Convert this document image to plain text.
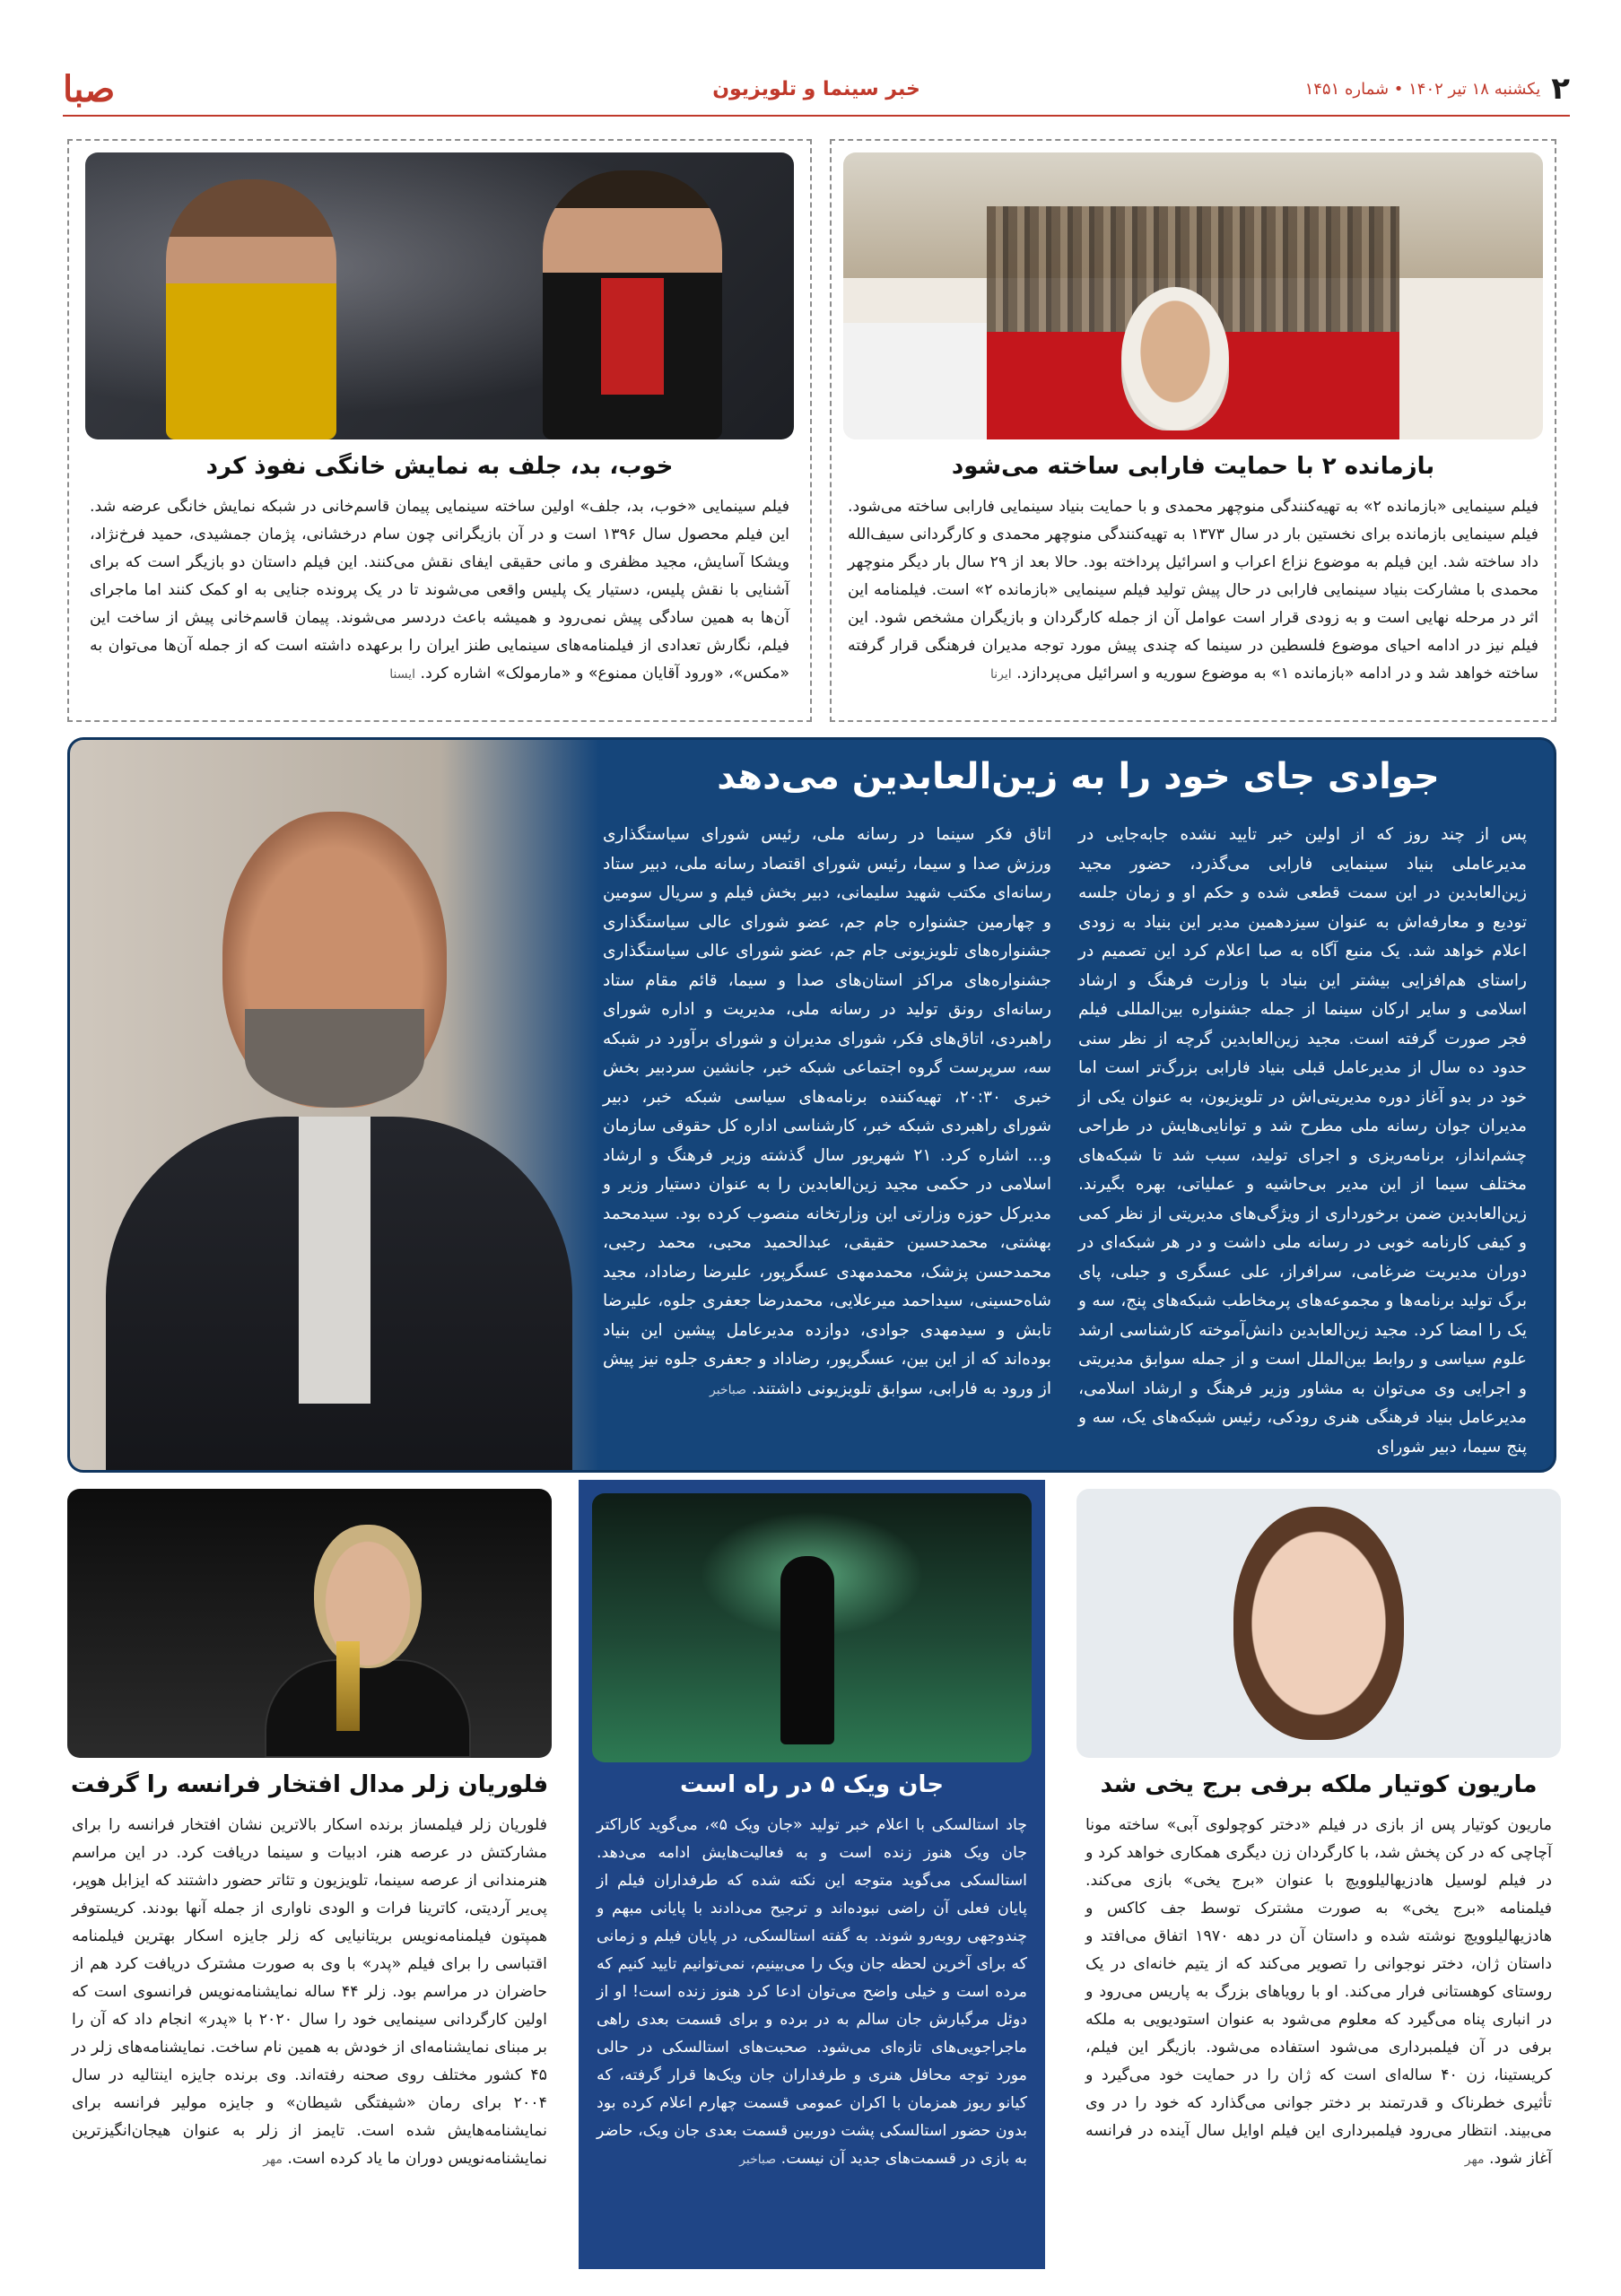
صبا	خبر سینما و تلویزیون	۲
یکشنبه ۱۸ تیر ۱۴۰۲ • شماره ۱۴۵۱
بازمانده ۲ با حمایت فارابی ساخته می‌شود
فیلم سینمایی «بازمانده ۲» به تهیه‌کنندگی منوچهر محمدی و با حمایت بنیاد سینمایی فارابی ساخته می‌شود. فیلم سینمایی بازمانده برای نخستین بار در سال ۱۳۷۳ به تهیه‌کنندگی منوچهر محمدی و کارگردانی سیف‌الله داد ساخته شد. این فیلم به موضوع نزاع اعراب و اسرائیل پرداخته بود. حالا بعد از ۲۹ سال بار دیگر منوچهر محمدی با مشارکت بنیاد سینمایی فارابی در حال پیش تولید فیلم سینمایی «بازمانده ۲» است. فیلمنامه این اثر در مرحله نهایی است و به زودی قرار است عوامل آن از جمله کارگردان و بازیگران مشخص شود. این فیلم نیز در ادامه احیای موضوع فلسطین در سینما که چندی پیش مورد توجه مدیران فرهنگی قرار گرفته ساخته خواهد شد و در ادامه «بازمانده ۱» به موضوع سوریه و اسرائیل می‌پردازد. ایرنا
خوب، بد، جلف به نمایش خانگی نفوذ کرد
فیلم سینمایی «خوب، بد، جلف» اولین ساخته سینمایی پیمان قاسم‌خانی در شبکه نمایش خانگی عرضه شد. این فیلم محصول سال ۱۳۹۶ است و در آن بازیگرانی چون سام درخشانی، پژمان جمشیدی، حمید فرخ‌نژاد، ویشکا آسایش، مجید مظفری و مانی حقیقی ایفای نقش می‌کنند. این فیلم داستان دو بازیگر است که برای آشنایی با نقش پلیس، دستیار یک پلیس واقعی می‌شوند تا در یک پرونده جنایی به او کمک کنند اما ماجرای آن‌ها به همین سادگی پیش نمی‌رود و همیشه باعث دردسر می‌شوند. پیمان قاسم‌خانی پیش از ساخت این فیلم، نگارش تعدادی از فیلمنامه‌های سینمایی طنز ایران را برعهده داشته است که از جمله آن‌ها می‌توان به «مکس»، «ورود آقایان ممنوع» و «مارمولک» اشاره کرد. ایسنا
جوادی جای خود را به زین‌العابدین می‌دهد
پس از چند روز که از اولین خبر تایید نشده جابه‌جایی در مدیرعاملی بنیاد سینمایی فارابی می‌گذرد، حضور مجید زین‌العابدین در این سمت قطعی شده و حکم او و زمان جلسه تودیع و معارفه‌اش به عنوان سیزدهمین مدیر این بنیاد به زودی اعلام خواهد شد. یک منبع آگاه به صبا اعلام کرد این تصمیم در راستای هم‌افزایی بیشتر این بنیاد با وزارت فرهنگ و ارشاد اسلامی و سایر ارکان سینما از جمله جشنواره بین‌المللی فیلم فجر صورت گرفته است. مجید زین‌العابدین گرچه از نظر سنی حدود ده سال از مدیرعامل قبلی بنیاد فارابی بزرگ‌تر است اما خود در بدو آغاز دوره مدیریتی‌اش در تلویزیون، به عنوان یکی از مدیران جوان رسانه ملی مطرح شد و توانایی‌هایش در طراحی چشم‌انداز، برنامه‌ریزی و اجرای تولید، سبب شد تا شبکه‌های مختلف سیما از این مدیر بی‌حاشیه و عملیاتی، بهره بگیرند. زین‌العابدین ضمن برخورداری از ویژگی‌های مدیریتی از نظر کمی و کیفی کارنامه خوبی در رسانه ملی داشت و در هر شبکه‌ای در دوران مدیریت ضرغامی، سرافراز، علی عسگری و جبلی، پای برگ تولید برنامه‌ها و مجموعه‌های پرمخاطب شبکه‌های پنج، سه و یک را امضا کرد. مجید زین‌العابدین دانش‌آموخته کارشناسی ارشد علوم سیاسی و روابط بین‌الملل است و از جمله سوابق مدیریتی و اجرایی وی می‌توان به مشاور وزیر فرهنگ و ارشاد اسلامی، مدیرعامل بنیاد فرهنگی هنری رودکی، رئیس شبکه‌های یک، سه و پنج سیما، دبیر شورای
اتاق فکر سینما در رسانه ملی، رئیس شورای سیاستگذاری ورزش صدا و سیما، رئیس شورای اقتصاد رسانه ملی، دبیر ستاد رسانه‌ای مکتب شهید سلیمانی، دبیر بخش فیلم و سریال سومین و چهارمین جشنواره جام جم، عضو شورای عالی سیاستگذاری جشنواره‌های تلویزیونی جام جم، عضو شورای عالی سیاستگذاری جشنواره‌های مراکز استان‌های صدا و سیما، قائم مقام ستاد رسانه‌ای رونق تولید در رسانه ملی، مدیریت و اداره شورای راهبردی، اتاق‌های فکر، شورای مدیران و شورای برآورد در شبکه سه، سرپرست گروه اجتماعی شبکه خبر، جانشین سردبیر بخش خبری ۲۰:۳۰، تهیه‌کننده برنامه‌های سیاسی شبکه خبر، دبیر شورای راهبردی شبکه خبر، کارشناسی اداره کل حقوقی سازمان و... اشاره کرد. ۲۱ شهریور سال گذشته وزیر فرهنگ و ارشاد اسلامی در حکمی مجید زین‌العابدین را به عنوان دستیار وزیر و مدیرکل حوزه وزارتی این وزارتخانه منصوب کرده بود. سیدمحمد بهشتی، محمدحسین حقیقی، عبدالحمید محبی، محمد رجبی، محمدحسن پزشک، محمدمهدی عسگرپور، علیرضا رضاداد، مجید شاه‌حسینی، سیداحمد میرعلایی، محمدرضا جعفری جلوه، علیرضا تابش و سیدمهدی جوادی، دوازده مدیرعامل پیشین این بنیاد بوده‌اند که از این بین، عسگرپور، رضاداد و جعفری جلوه نیز پیش از ورود به فارابی، سوابق تلویزیونی داشتند. صباخبر
ماریون کوتیار ملکه برفی برج یخی شد
ماریون کوتیار پس از بازی در فیلم «دختر کوچولوی آبی» ساخته مونا آچاچی که در کن پخش شد، با کارگردان زن دیگری همکاری خواهد کرد و در فیلم لوسیل هادزیهالیلوویچ با عنوان «برج یخی» بازی می‌کند. فیلمنامه «برج یخی» به صورت مشترک توسط جف کاکس و هادزیهالیلوویچ نوشته شده و داستان آن در دهه ۱۹۷۰ اتفاق می‌افتد و داستان ژان، دختر نوجوانی را تصویر می‌کند که از یتیم خانه‌ای در یک روستای کوهستانی فرار می‌کند. او با رویاهای بزرگ به پاریس می‌رود و در انباری پناه می‌گیرد که معلوم می‌شود به عنوان استودیویی به ملکه برفی در آن فیلمبرداری می‌شود استفاده می‌شود. بازیگر این فیلم، کریستینا، زن ۴۰ ساله‌ای است که ژان را در حمایت خود می‌گیرد و تأثیری خطرناک و قدرتمند بر دختر جوانی می‌گذارد که خود را در وی می‌بیند. انتظار می‌رود فیلمبرداری این فیلم اوایل سال آینده در فرانسه آغاز شود. مهر
جان ویک ۵ در راه است
چاد استالسکی با اعلام خبر تولید «جان ویک ۵»، می‌گوید کاراکتر جان ویک هنوز زنده است و به فعالیت‌هایش ادامه می‌دهد. استالسکی می‌گوید متوجه این نکته شده که طرفداران فیلم از پایان فعلی آن راضی نبوده‌اند و ترجیح می‌دادند با پایانی مبهم و چندوجهی روبه‌رو شوند. به گفته استالسکی، در پایان فیلم و زمانی که برای آخرین لحظه جان ویک را می‌بینیم، نمی‌توانیم تایید کنیم که مرده است و خیلی واضح می‌توان ادعا کرد هنوز زنده است! او از دوئل مرگبارش جان سالم به در برده و برای قسمت بعدی راهی ماجراجویی‌های تازه‌ای می‌شود. صحبت‌های استالسکی در حالی مورد توجه محافل هنری و طرفداران جان ویک‌ها قرار گرفته، که کیانو ریوز همزمان با اکران عمومی قسمت چهارم اعلام کرده بود بدون حضور استالسکی پشت دوربین قسمت بعدی جان ویک، حاضر به بازی در قسمت‌های جدید آن نیست. صباخبر
فلوریان زلر مدال افتخار فرانسه را گرفت
فلوریان زلر فیلمساز برنده اسکار بالاترین نشان افتخار فرانسه را برای مشارکتش در عرصه هنر، ادبیات و سینما دریافت کرد. در این مراسم هنرمندانی از عرصه سینما، تلویزیون و تئاتر حضور داشتند که ایزابل هوپر، پی‌یر آردیتی، کاترینا فرات و الودی ناواری از جمله آنها بودند. کریستوفر همپتون فیلمنامه‌نویس بریتانیایی که زلر جایزه اسکار بهترین فیلمنامه اقتباسی را برای فیلم «پدر» با وی به صورت مشترک دریافت کرد هم از حاضران در مراسم بود. زلر ۴۴ ساله نمایشنامه‌نویس فرانسوی است که اولین کارگردانی سینمایی خود را سال ۲۰۲۰ با «پدر» انجام داد که آن را بر مبنای نمایشنامه‌ای از خودش به همین نام ساخت. نمایشنامه‌های زلر در ۴۵ کشور مختلف روی صحنه رفته‌اند. وی برنده جایزه اینتالیه در سال ۲۰۰۴ برای رمان «شیفتگی شیطان» و جایزه مولیر فرانسه برای نمایشنامه‌هایش شده است. تایمز از زلر به عنوان هیجان‌انگیزترین نمایشنامه‌نویس دوران ما یاد کرده است. مهر
